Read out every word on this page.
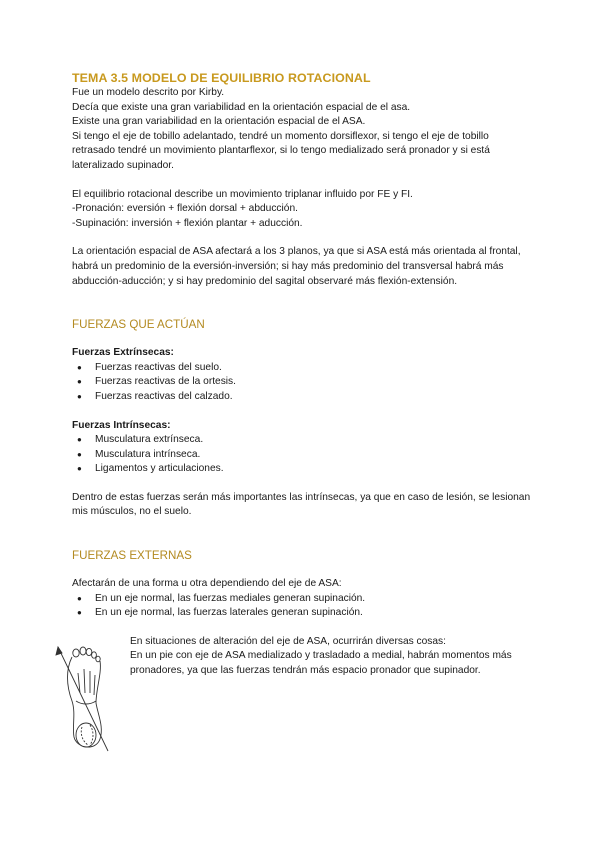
TEMA 3.5 MODELO DE EQUILIBRIO ROTACIONAL

Fue un modelo descrito por Kirby.

Decía que existe una gran variabilidad en la orientación espacial de el asa.

Existe una gran variabilidad en la orientación espacial de el ASA.

Si tengo el eje de tobillo adelantado, tendré un momento dorsiflexor, si tengo el eje de tobillo retrasado tendré un movimiento plantarflexor, si lo tengo medializado será pronador y si está lateralizado supinador.

El equilibrio rotacional describe un movimiento triplanar influido por FE y FI.

-Pronación: eversión + flexión dorsal + abducción.

-Supinación: inversión + flexión plantar + aducción.

La orientación espacial de ASA afectará a los 3 planos, ya que si ASA está más orientada al frontal, habrá un predominio de la eversión-inversión; si hay más predominio del transversal habrá más abducción-aducción; y si hay predominio del sagital observaré más flexión-extensión.

FUERZAS QUE ACTÚAN

Fuerzas Extrínsecas:

● Fuerzas reactivas del suelo.
● Fuerzas reactivas de la ortesis.
● Fuerzas reactivas del calzado.

Fuerzas Intrínsecas:

● Musculatura extrínseca.
● Musculatura intrínseca.
● Ligamentos y articulaciones.

Dentro de estas fuerzas serán más importantes las intrínsecas, ya que en caso de lesión, se lesionan mis músculos, no el suelo.

FUERZAS EXTERNAS

Afectarán de una forma u otra dependiendo del eje de ASA:

● En un eje normal, las fuerzas mediales generan supinación.
● En un eje normal, las fuerzas laterales generan supinación.

En situaciones de alteración del eje de ASA, ocurrirán diversas cosas:

En un pie con eje de ASA medializado y trasladado a medial, habrán momentos más pronadores, ya que las fuerzas tendrán más espacio pronador que supinador.
